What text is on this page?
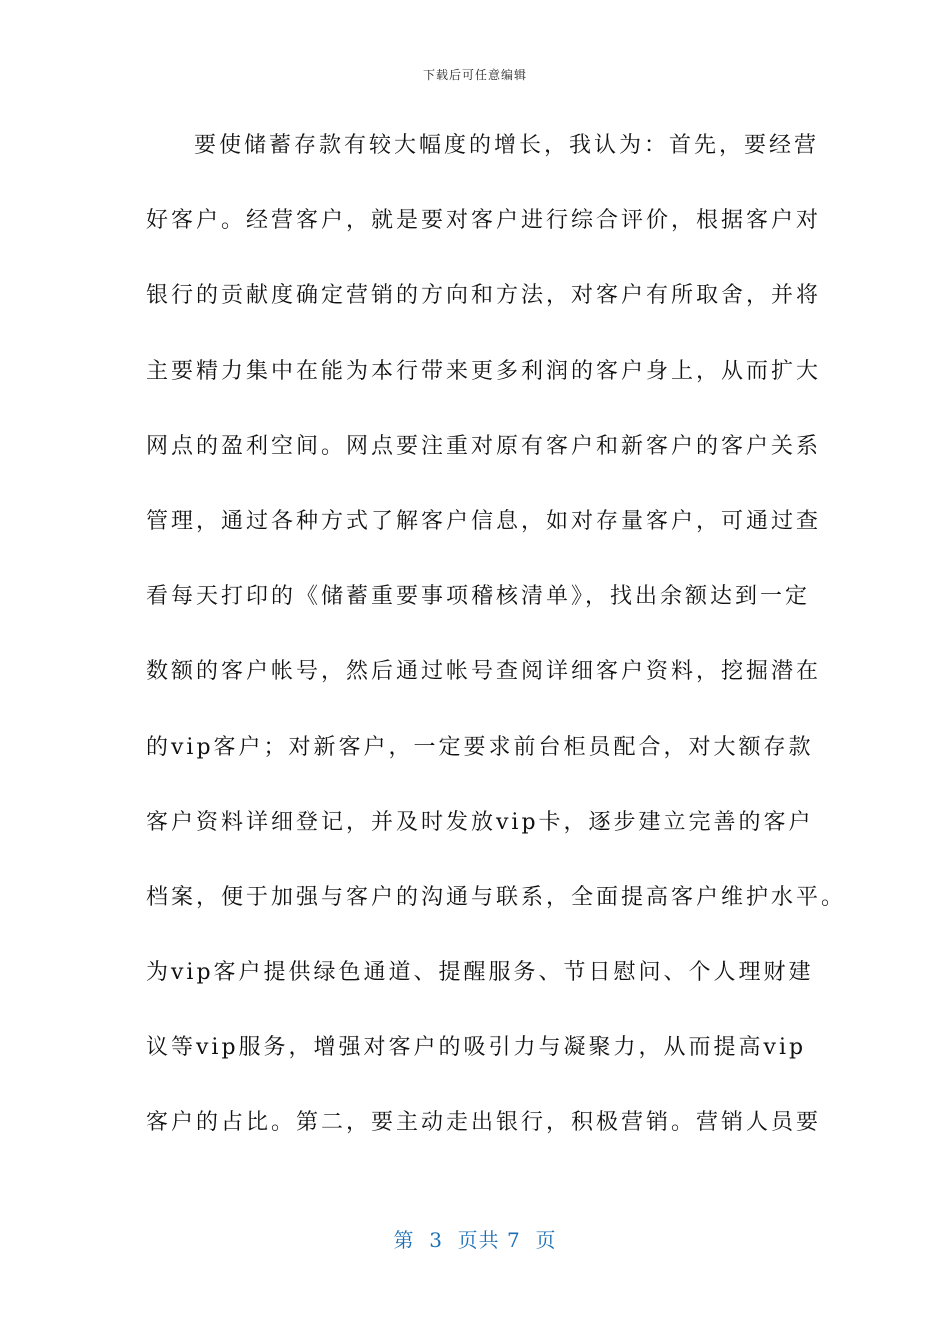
下载后可任意编辑
要使储蓄存款有较大幅度的增长，我认为：首先，要经营
好客户。经营客户，就是要对客户进行综合评价，根据客户对
银行的贡献度确定营销的方向和方法，对客户有所取舍，并将
主要精力集中在能为本行带来更多利润的客户身上，从而扩大
网点的盈利空间。网点要注重对原有客户和新客户的客户关系
管理，通过各种方式了解客户信息，如对存量客户，可通过查
看每天打印的《储蓄重要事项稽核清单》，找出余额达到一定
数额的客户帐号，然后通过帐号查阅详细客户资料，挖掘潜在
的vip客户；对新客户，一定要求前台柜员配合，对大额存款
客户资料详细登记，并及时发放vip卡，逐步建立完善的客户
档案，便于加强与客户的沟通与联系，全面提高客户维护水平。
为vip客户提供绿色通道、提醒服务、节日慰问、个人理财建
议等vip服务，增强对客户的吸引力与凝聚力，从而提高vip
客户的占比。第二，要主动走出银行，积极营销。营销人员要
第  3  页共 7  页
